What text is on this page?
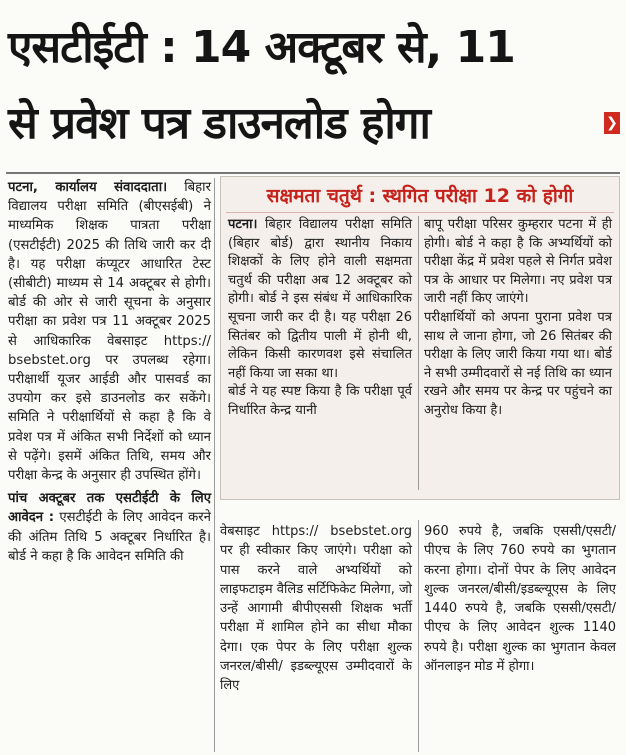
एसटीईटी : 14 अक्टूबर से, 11
से प्रवेश पत्र डाउनलोड होगा	❯

पटना, कार्यालय संवाददाता। बिहार विद्यालय परीक्षा समिति (बीएसईबी) ने माध्यमिक शिक्षक पात्रता परीक्षा (एसटीईटी) 2025 की तिथि जारी कर दी है। यह परीक्षा कंप्यूटर आधारित टेस्ट (सीबीटी) माध्यम से 14 अक्टूबर से होगी। बोर्ड की ओर से जारी सूचना के अनुसार परीक्षा का प्रवेश पत्र 11 अक्टूबर 2025 से आधिकारिक वेबसाइट https:// bsebstet.org पर उपलब्ध रहेगा। परीक्षार्थी यूजर आईडी और पासवर्ड का उपयोग कर इसे डाउनलोड कर सकेंगे। समिति ने परीक्षार्थियों से कहा है कि वे प्रवेश पत्र में अंकित सभी निर्देशों को ध्यान से पढ़ेंगे। इसमें अंकित तिथि, समय और परीक्षा केन्द्र के अनुसार ही उपस्थित होंगे।

पांच अक्टूबर तक एसटीईटी के लिए आवेदन : एसटीईटी के लिए आवेदन करने की अंतिम तिथि 5 अक्टूबर निर्धारित है। बोर्ड ने कहा है कि आवेदन समिति की

सक्षमता चतुर्थ : स्थगित परीक्षा 12 को होगी

पटना। बिहार विद्यालय परीक्षा समिति (बिहार बोर्ड) द्वारा स्थानीय निकाय शिक्षकों के लिए होने वाली सक्षमता चतुर्थ की परीक्षा अब 12 अक्टूबर को होगी। बोर्ड ने इस संबंध में आधिकारिक सूचना जारी कर दी है। यह परीक्षा 26 सितंबर को द्वितीय पाली में होनी थी, लेकिन किसी कारणवश इसे संचालित नहीं किया जा सका था।

बोर्ड ने यह स्पष्ट किया है कि परीक्षा पूर्व निर्धारित केन्द्र यानी

बापू परीक्षा परिसर कुम्हरार पटना में ही होगी। बोर्ड ने कहा है कि अभ्यर्थियों को परीक्षा केंद्र में प्रवेश पहले से निर्गत प्रवेश पत्र के आधार पर मिलेगा। नए प्रवेश पत्र जारी नहीं किए जाएंगे।

परीक्षार्थियों को अपना पुराना प्रवेश पत्र साथ ले जाना होगा, जो 26 सितंबर की परीक्षा के लिए जारी किया गया था। बोर्ड ने सभी उम्मीदवारों से नई तिथि का ध्यान रखने और समय पर केन्द्र पर पहुंचने का अनुरोध किया है।

वेबसाइट https:// bsebstet.org पर ही स्वीकार किए जाएंगे। परीक्षा को पास करने वाले अभ्यर्थियों को लाइफटाइम वैलिड सर्टिफिकेट मिलेगा, जो उन्हें आगामी बीपीएससी शिक्षक भर्ती परीक्षा में शामिल होने का सीधा मौका देगा। एक पेपर के लिए परीक्षा शुल्क जनरल/बीसी/ इडब्ल्यूएस उम्मीदवारों के लिए

960 रुपये है, जबकि एससी/एसटी/पीएच के लिए 760 रुपये का भुगतान करना होगा। दोनों पेपर के लिए आवेदन शुल्क जनरल/बीसी/इडब्ल्यूएस के लिए 1440 रुपये है, जबकि एससी/एसटी/पीएच के लिए आवेदन शुल्क 1140 रुपये है। परीक्षा शुल्क का भुगतान केवल ऑनलाइन मोड में होगा।
